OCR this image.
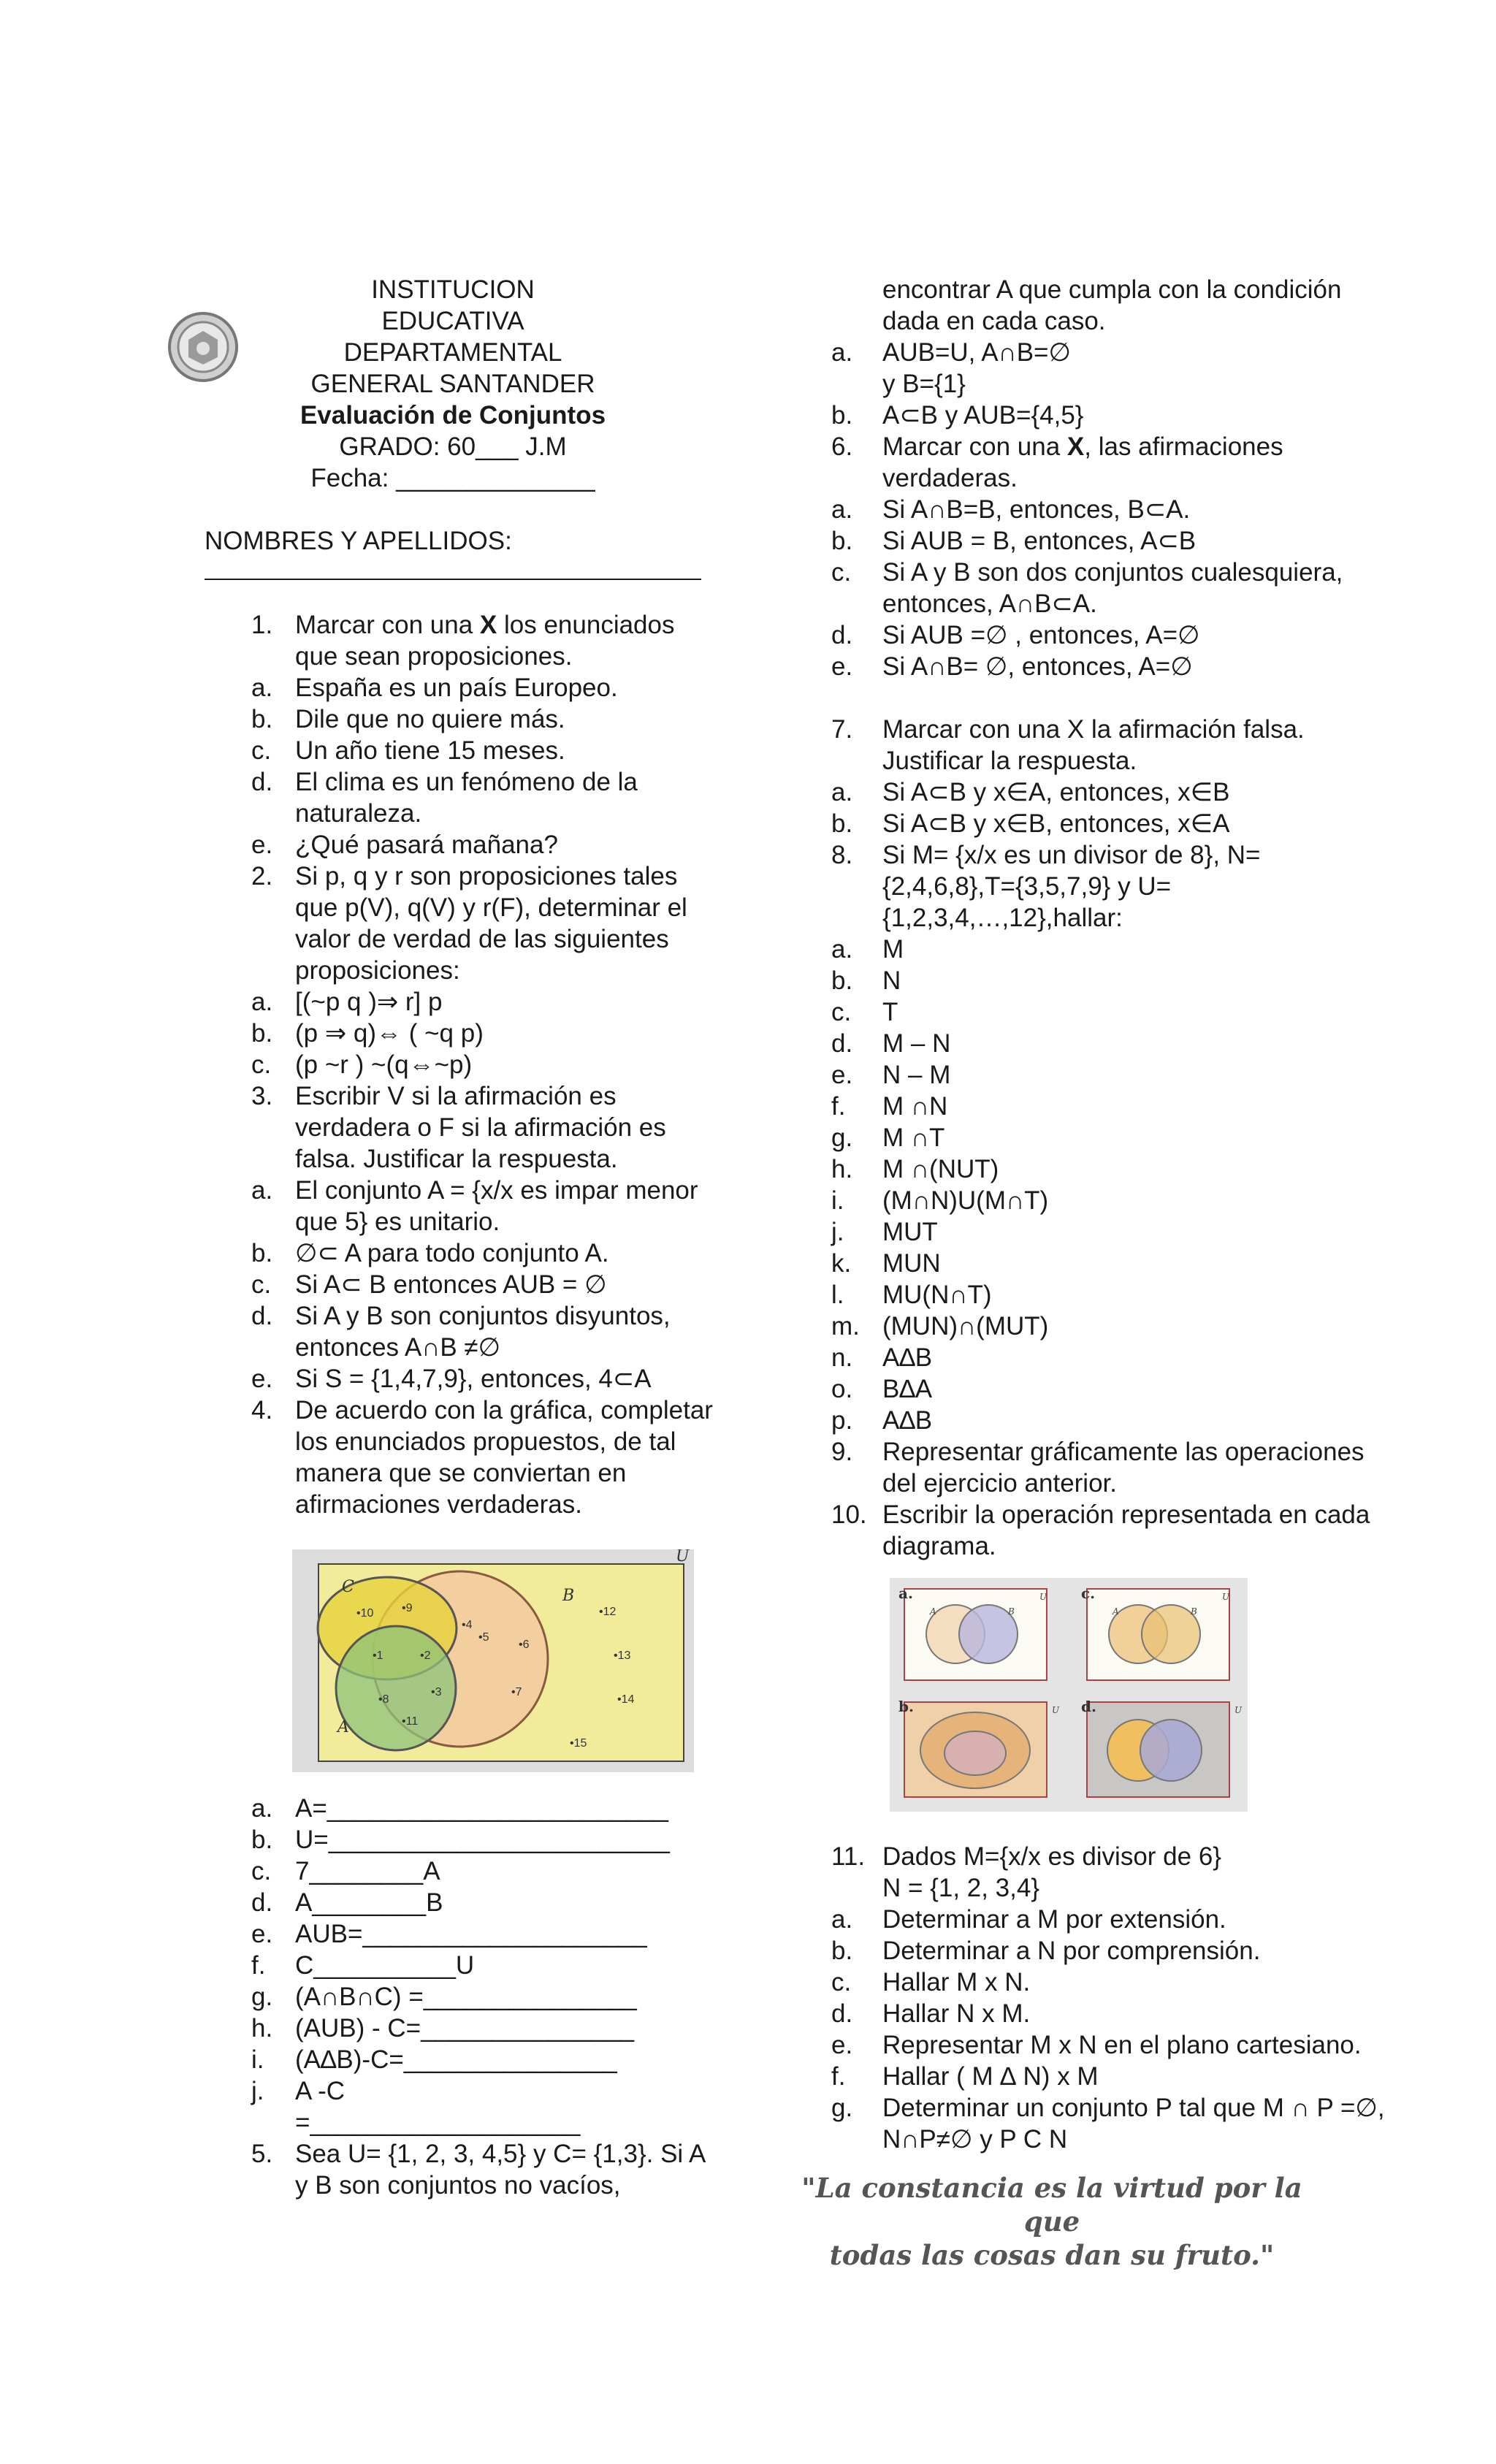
INSTITUCION EDUCATIVA
DEPARTAMENTAL
GENERAL SANTANDER
Evaluación de Conjuntos
GRADO: 60___ J.M
Fecha: ______________
NOMBRES Y APELLIDOS:
1. Marcar con una X los enunciados que sean proposiciones.
a. España es un país Europeo.
b. Dile que no quiere más.
c. Un año tiene 15 meses.
d. El clima es un fenómeno de la naturaleza.
e. ¿Qué pasará mañana?
2. Si p, q y r son proposiciones tales que p(V), q(V) y r(F), determinar el valor de verdad de las siguientes proposiciones:
a. [(~p q )⇒ r] p
b. (p ⇒ q)⇔ ( ~q p)
c. (p ~r ) ~(q⇔~p)
3. Escribir V si la afirmación es verdadera o F si la afirmación es falsa. Justificar la respuesta.
a. El conjunto A = {x/x es impar menor que 5} es unitario.
b. ∅⊂ A para todo conjunto A.
c. Si A⊂ B entonces AUB = ∅
d. Si A y B son conjuntos disyuntos, entonces A∩B ≠∅
e. Si S = {1,4,7,9}, entonces, 4⊂A
4. De acuerdo con la gráfica, completar los enunciados propuestos, de tal manera que se conviertan en afirmaciones verdaderas.
U
C	B
A
•10 •9
•4
•5
•1	•2
•6
•12
•13
•8
•3	•7
•14
•11
•15
a. A=________________________
b. U=________________________
c. 7________A
d. A________B
e. AUB=____________________
f.	C__________U
g. (A∩B∩C) =_______________
h. (AUB) - C=_______________
i.	(A∆B)-C=_______________
j.	A -C
=___________________
5. Sea U= {1, 2, 3, 4,5} y C= {1,3}. Si A y B son conjuntos no vacíos,
encontrar A que cumpla con la condición dada en cada caso.
a.	AUB=U, A∩B=∅
y B={1}
b.	A⊂B y AUB={4,5}
6.	Marcar con una X, las afirmaciones verdaderas.
a.	Si A∩B=B, entonces, B⊂A.
b.	Si AUB = B, entonces, A⊂B
c.	Si A y B son dos conjuntos cualesquiera, entonces, A∩B⊂A.
d.	Si AUB =∅ , entonces, A=∅
e.	Si A∩B= ∅, entonces, A=∅
7.	Marcar con una X la afirmación falsa. Justificar la respuesta.
a.	Si A⊂B y x∈A, entonces, x∈B
b.	Si A⊂B y x∈B, entonces, x∈A
8.	Si M= {x/x es un divisor de 8}, N={2,4,6,8},T={3,5,7,9} y U={1,2,3,4,…,12},hallar:
a.	M
b.	N
c.	T
d.	M – N
e.	N – M
f.	M ∩N
g.	M ∩T
h.	M ∩(NUT)
i.	(M∩N)U(M∩T)
j.	MUT
k.	MUN
l.	MU(N∩T)
m. (MUN)∩(MUT)
n.	A∆B
o.	B∆A
p.	A∆B
9.	Representar gráficamente las operaciones del ejercicio anterior.
10. Escribir la operación representada en cada diagrama.
a.	c.
b.	d.
A	B
U
A	B
U
U	U
11. Dados M={x/x es divisor de 6}
N = {1, 2, 3,4}
a.	Determinar a M por extensión.
b.	Determinar a N por comprensión.
c.	Hallar M x N.
d.	Hallar N x M.
e.	Representar M x N en el plano cartesiano.
f.	Hallar ( M ∆ N) x M
g.	Determinar un conjunto P tal que M ∩ P =∅, N∩P≠∅ y P C N
"La constancia es la virtud por la que
todas las cosas dan su fruto."
